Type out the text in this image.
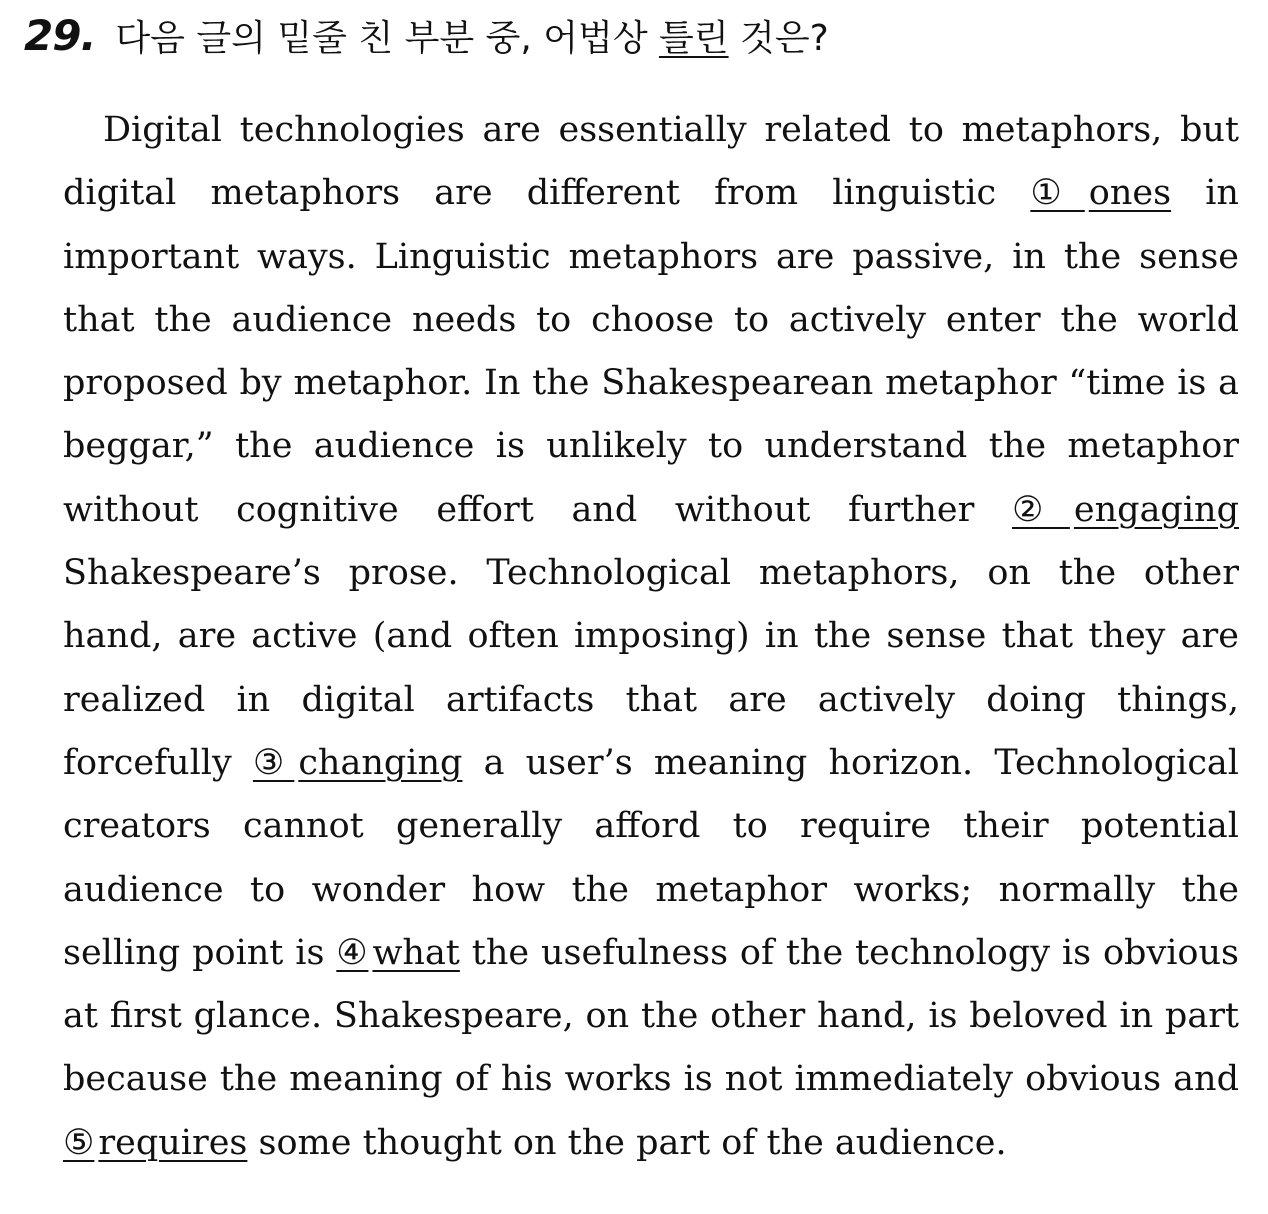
29. 다음 글의 밑줄 친 부분 중, 어법상 틀린 것은?

Digital technologies are essentially related to metaphors, but digital metaphors are different from linguistic ① ones in important ways. Linguistic metaphors are passive, in the sense that the audience needs to choose to actively enter the world proposed by metaphor. In the Shakespearean metaphor “time is a beggar,” the audience is unlikely to understand the metaphor without cognitive effort and without further ② engaging Shakespeare’s prose. Technological metaphors, on the other hand, are active (and often imposing) in the sense that they are realized in digital artifacts that are actively doing things, forcefully ③ changing a user’s meaning horizon. Technological creators cannot generally afford to require their potential audience to wonder how the metaphor works; normally the selling point is ④ what the usefulness of the technology is obvious at first glance. Shakespeare, on the other hand, is beloved in part because the meaning of his works is not immediately obvious and ⑤ requires some thought on the part of the audience.
